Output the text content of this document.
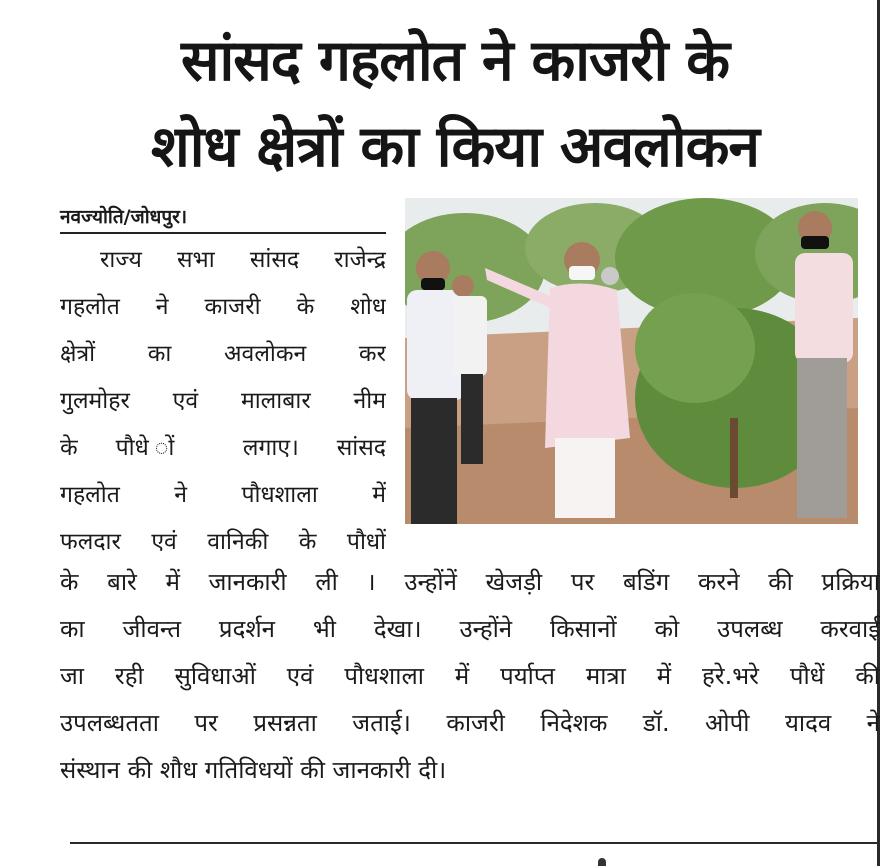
सांसद गहलोत ने काजरी के
शोध क्षेत्रों का किया अवलोकन
नवज्योति/जोधपुर।
राज्य सभा सांसद राजेन्द्र
गहलोत ने काजरी के शोध
क्षेत्रों का अवलोकन कर
गुलमोहर एवं मालाबार नीम
के पौधे ों लगाए। सांसद
गहलोत ने पौधशाला में
फलदार एवं वानिकी के पौधों
के बारे में जानकारी ली । उन्होंनें खेजड़ी पर बडिंग करने की प्रक्रिया
का जीवन्त प्रदर्शन भी देखा। उन्होंने किसानों को उपलब्ध करवाई
जा रही सुविधाओं एवं पौधशाला में पर्याप्त मात्रा में हरे.भरे पौधें की
उपलब्धतता पर प्रसन्नता जताई। काजरी निदेशक डॉ. ओपी यादव ने
संस्थान की शौध गतिविधयों की जानकारी दी।
